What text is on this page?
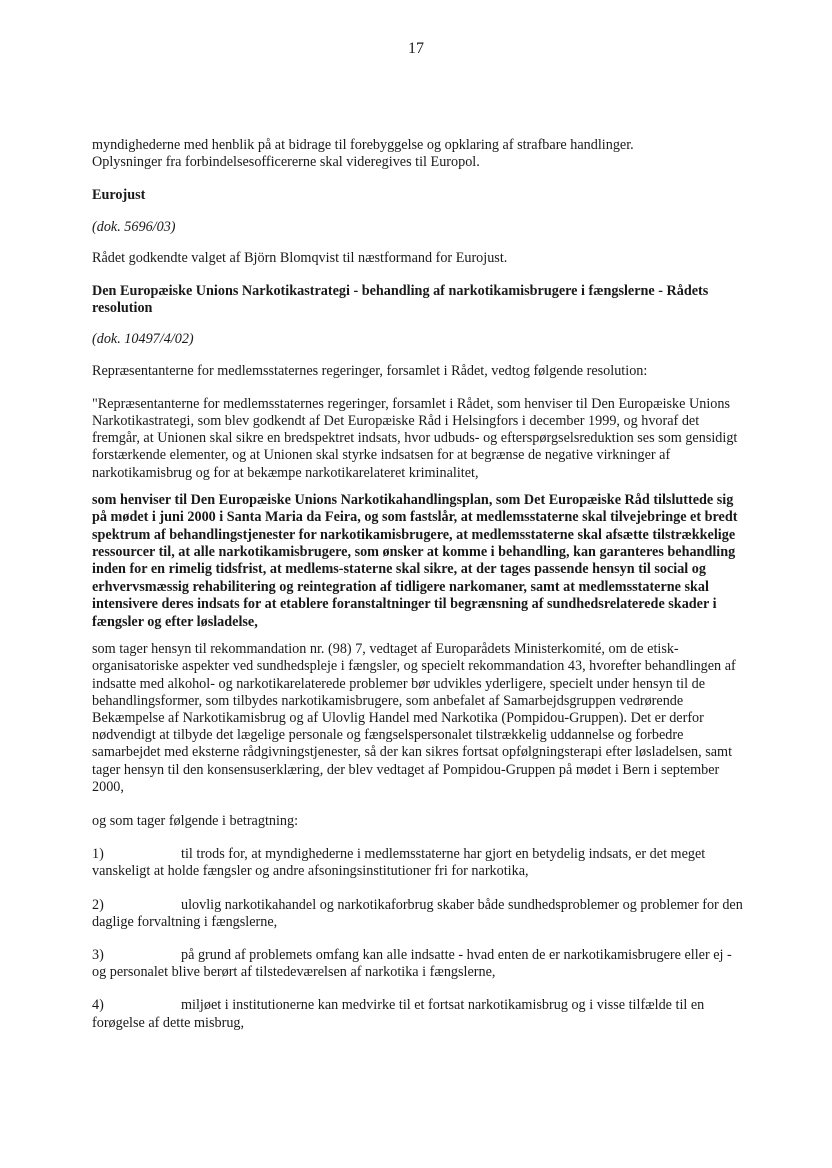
17

myndighederne med henblik på at bidrage til forebyggelse og opklaring af strafbare handlinger.
Oplysninger fra forbindelsesofficererne skal videregives til Europol.

Eurojust
(dok. 5696/03)

Rådet godkendte valget af Björn Blomqvist til næstformand for Eurojust.

Den Europæiske Unions Narkotikastrategi - behandling af narkotikamisbrugere i fængslerne - Rådets resolution
(dok. 10497/4/02)

Repræsentanterne for medlemsstaternes regeringer, forsamlet i Rådet, vedtog følgende resolution:

"Repræsentanterne for medlemsstaternes regeringer, forsamlet i Rådet, som henviser til Den Europæiske Unions Narkotikastrategi, som blev godkendt af Det Europæiske Råd i Helsingfors i december 1999, og hvoraf det fremgår, at Unionen skal sikre en bredspektret indsats, hvor udbuds- og efterspørgselsreduktion ses som gensidigt forstærkende elementer, og at Unionen skal styrke indsatsen for at begrænse de negative virkninger af narkotikamisbrug og for at bekæmpe narkotikarelateret kriminalitet,

som henviser til Den Europæiske Unions Narkotikahandlingsplan, som Det Europæiske Råd tilsluttede sig på mødet i juni 2000 i Santa Maria da Feira, og som fastslår, at medlemsstaterne skal tilvejebringe et bredt spektrum af behandlingstjenester for narkotikamisbrugere, at medlemsstaterne skal afsætte tilstrækkelige ressourcer til, at alle narkotikamisbrugere, som ønsker at komme i behandling, kan garanteres behandling inden for en rimelig tidsfrist, at medlems-staterne skal sikre, at der tages passende hensyn til social og erhvervsmæssig rehabilitering og reintegration af tidligere narkomaner, samt at medlemsstaterne skal intensivere deres indsats for at etablere foranstaltninger til begrænsning af sundhedsrelaterede skader i fængsler og efter løsladelse,

som tager hensyn til rekommandation nr. (98) 7, vedtaget af Europarådets Ministerkomité, om de etisk-organisatoriske aspekter ved sundhedspleje i fængsler, og specielt rekommandation 43, hvorefter behandlingen af indsatte med alkohol- og narkotikarelaterede problemer bør udvikles yderligere, specielt under hensyn til de behandlingsformer, som tilbydes narkotikamisbrugere, som anbefalet af Samarbejdsgruppen vedrørende Bekæmpelse af Narkotikamisbrug og af Ulovlig Handel med Narkotika (Pompidou-Gruppen). Det er derfor nødvendigt at tilbyde det lægelige personale og fængselspersonalet tilstrækkelig uddannelse og forbedre samarbejdet med eksterne rådgivningstjenester, så der kan sikres fortsat opfølgningsterapi efter løsladelsen, samt tager hensyn til den konsensuserklæring, der blev vedtaget af Pompidou-Gruppen på mødet i Bern i september 2000,

og som tager følgende i betragtning:

1)	til trods for, at myndighederne i medlemsstaterne har gjort en betydelig indsats, er det meget vanskeligt at holde fængsler og andre afsoningsinstitutioner fri for narkotika,
2)	ulovlig narkotikahandel og narkotikaforbrug skaber både sundhedsproblemer og problemer for den daglige forvaltning i fængslerne,
3)	på grund af problemets omfang kan alle indsatte - hvad enten de er narkotikamisbrugere eller ej - og personalet blive berørt af tilstedeværelsen af narkotika i fængslerne,
4)	miljøet i institutionerne kan medvirke til et fortsat narkotikamisbrug og i visse tilfælde til en forøgelse af dette misbrug,
